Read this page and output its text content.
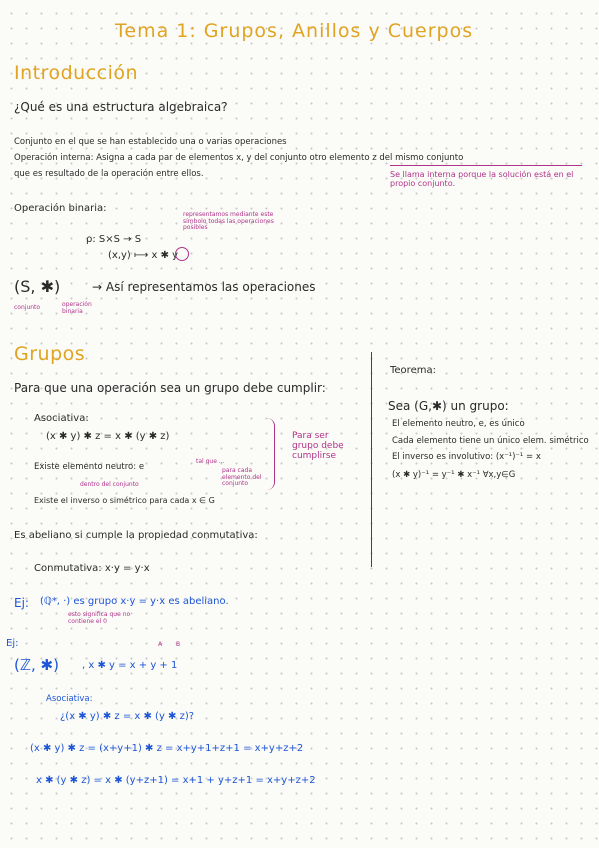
Tema 1: Grupos, Anillos y Cuerpos
Introducción
¿Qué es una estructura algebraica?
Conjunto en el que se han establecido una o varias operaciones
Operación interna: Asigna a cada par de elementos x, y del conjunto otro elemento z del mismo conjunto
que es resultado de la operación entre ellos.	Se llama interna porque la solución está en el propio conjunto.
Operación binaria:
representamos mediante este símbolo todas las operaciones posibles
ρ: S×S → S
(x,y) ⟼ x ✱ y
(S, ✱)	→ Así representamos las operaciones
conjunto	operación binaria
Grupos
Para que una operación sea un grupo debe cumplir:
Asociativa:
(x ✱ y) ✱ z = x ✱ (y ✱ z)
Existe elemento neutro: e
tal que ...
dentro del conjunto
para cada elemento del conjunto
Existe el inverso o simétrico para cada x ∈ G
Para ser grupo debe cumplirse
Es abeliano si cumple la propiedad conmutativa:
Conmutativa: x·y = y·x
Teorema:
Sea (G,✱) un grupo:
El elemento neutro, e, es único
Cada elemento tiene un único elem. simétrico
El inverso es involutivo: (x⁻¹)⁻¹ = x
(x ✱ y)⁻¹ = y⁻¹ ✱ x⁻¹ ∀x,y∈G
Ej: (ℚ*, ·) es grupo x·y = y·x es abeliano.
esto significa que no contiene el 0
Ej:
(ℤ, ✱) , x ✱ y = x + y + 1
A B
Asociativa:
¿(x ✱ y) ✱ z = x ✱ (y ✱ z)?
(x ✱ y) ✱ z = (x+y+1) ✱ z = x+y+1+z+1 = x+y+z+2
x ✱ (y ✱ z) = x ✱ (y+z+1) = x+1 + y+z+1 = x+y+z+2
